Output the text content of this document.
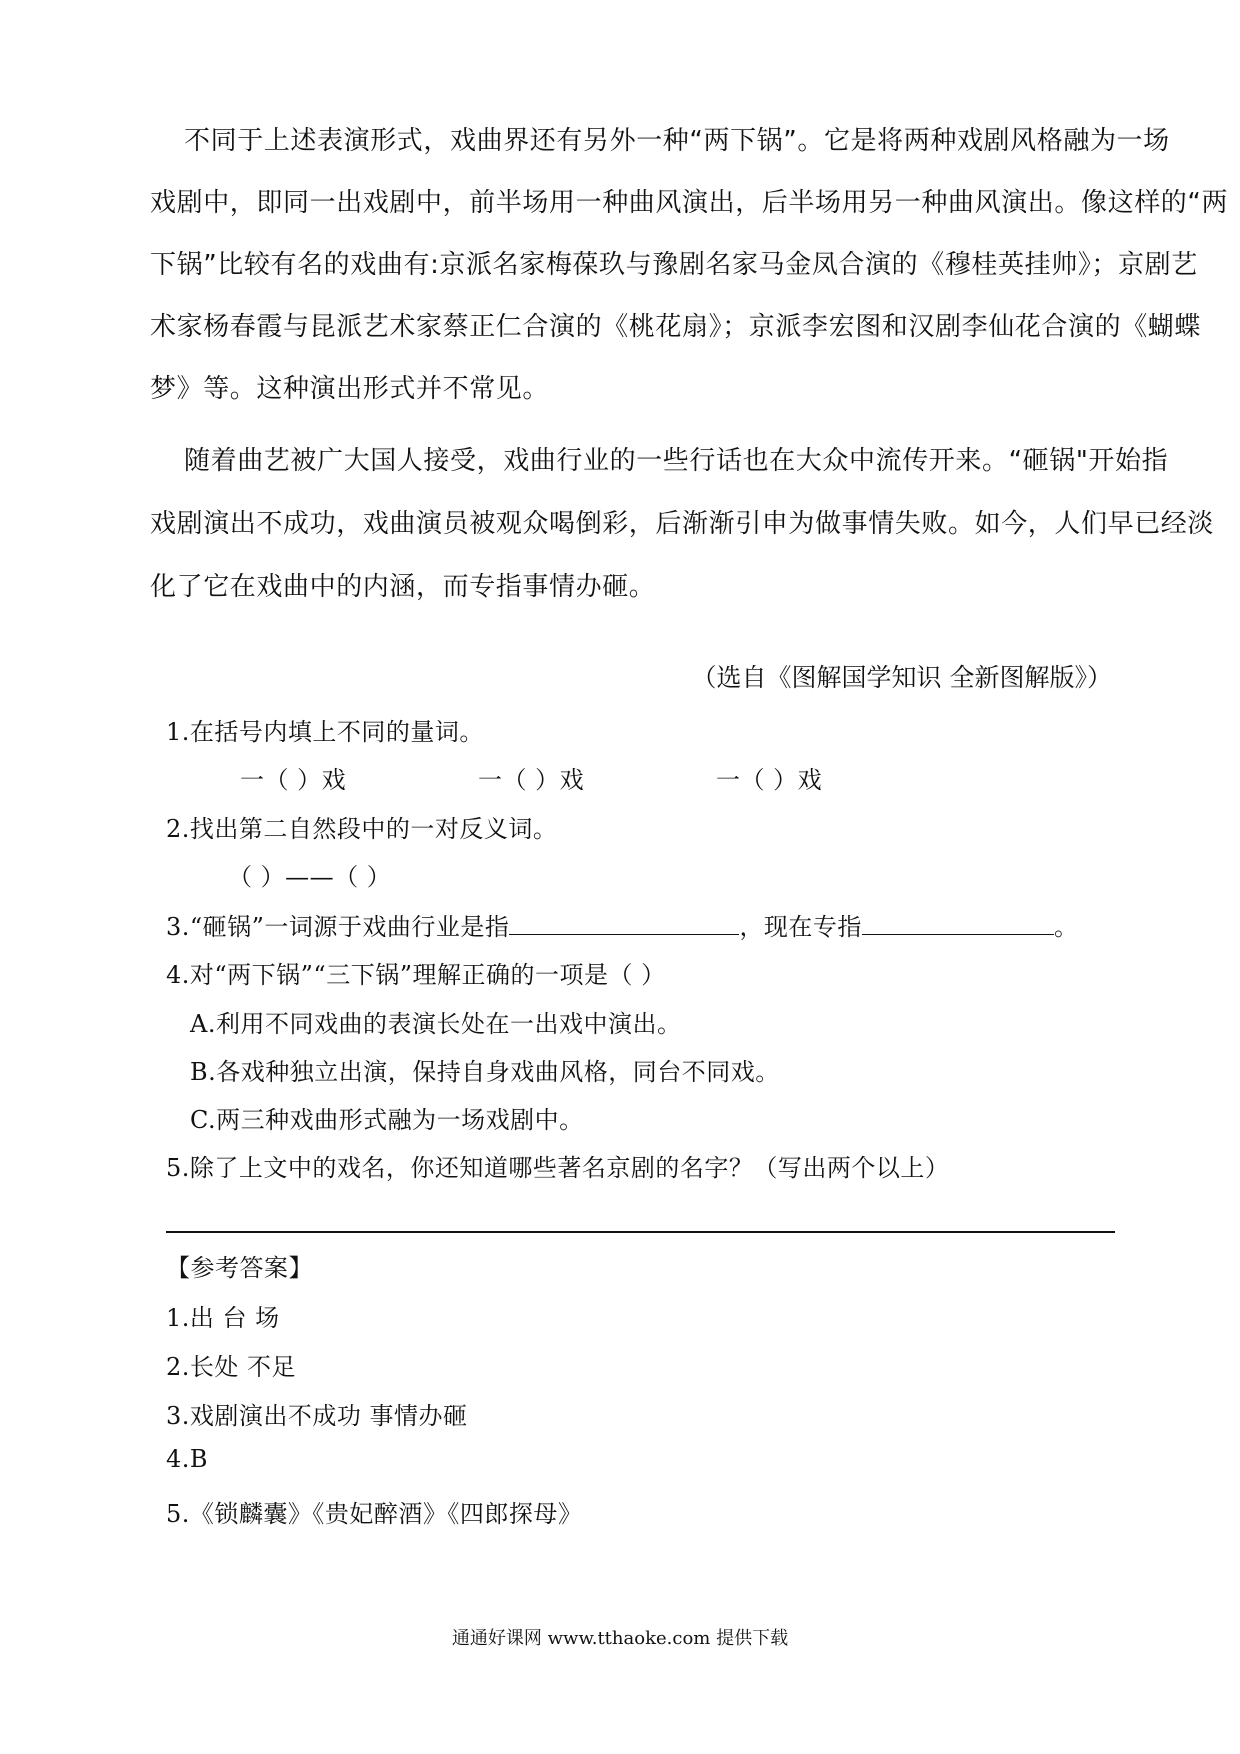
不同于上述表演形式，戏曲界还有另外一种“两下锅”。它是将两种戏剧风格融为一场
戏剧中，即同一出戏剧中，前半场用一种曲风演出，后半场用另一种曲风演出。像这样的“两
下锅”比较有名的戏曲有:京派名家梅葆玖与豫剧名家马金凤合演的《穆桂英挂帅》；京剧艺
术家杨春霞与昆派艺术家蔡正仁合演的《桃花扇》；京派李宏图和汉剧李仙花合演的《蝴蝶
梦》等。这种演出形式并不常见。
随着曲艺被广大国人接受，戏曲行业的一些行话也在大众中流传开来。“砸锅"开始指
戏剧演出不成功，戏曲演员被观众喝倒彩，后渐渐引申为做事情失败。如今，人们早已经淡
化了它在戏曲中的内涵，而专指事情办砸。
（选自《图解国学知识 全新图解版》）
1.在括号内填上不同的量词。
一（ ）戏	一（ ）戏	一（ ）戏
2.找出第二自然段中的一对反义词。
（ ）——（ ）
3.“砸锅”一词源于戏曲行业是指	，现在专指	。
4.对“两下锅”“三下锅”理解正确的一项是（ ）
A.利用不同戏曲的表演长处在一出戏中演出。
B.各戏种独立出演，保持自身戏曲风格，同台不同戏。
C.两三种戏曲形式融为一场戏剧中。
5.除了上文中的戏名，你还知道哪些著名京剧的名字？（写出两个以上）
【参考答案】
1.出 台 场
2.长处 不足
3.戏剧演出不成功 事情办砸
4.B
5.《锁麟囊》《贵妃醉酒》《四郎探母》
通通好课网 www.tthaoke.com 提供下载
